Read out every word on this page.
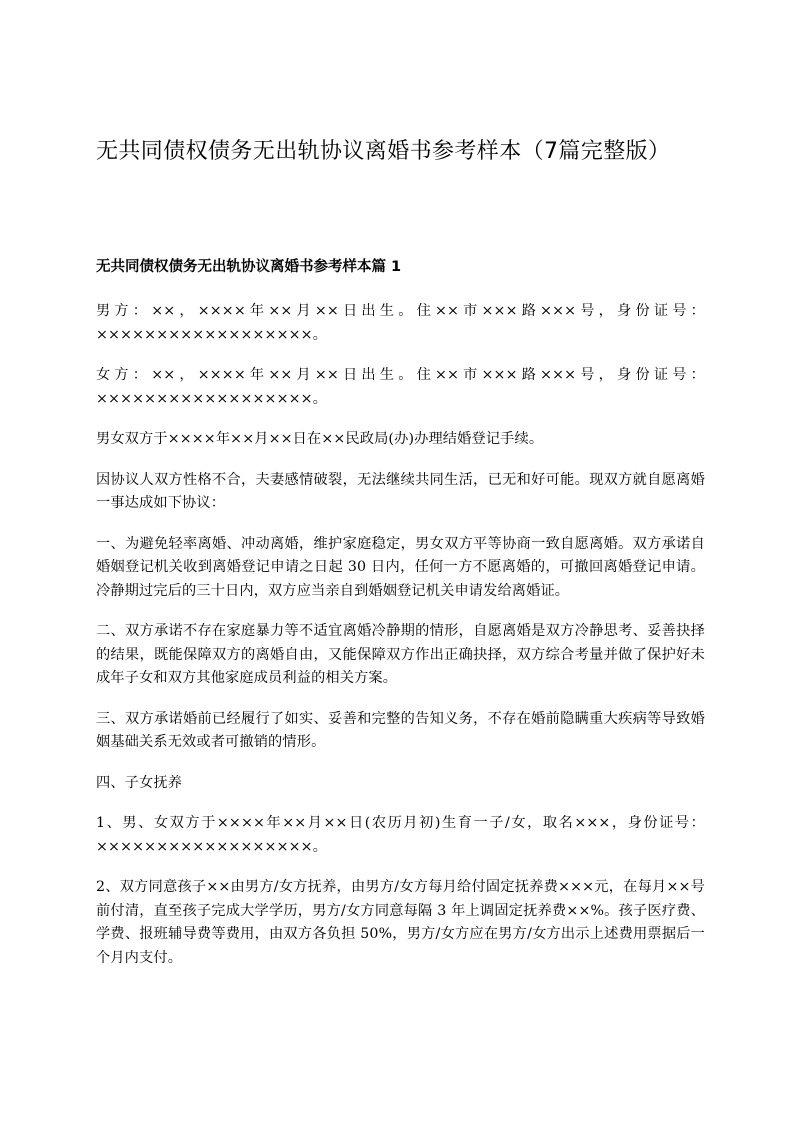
无共同债权债务无出轨协议离婚书参考样本（7篇完整版）
无共同债权债务无出轨协议离婚书参考样本篇 1

男方：××，××××年××月××日出生。住××市×××路×××号，身份证号：××××××××××××××××××。

女方：××，××××年××月××日出生。住××市×××路×××号，身份证号：××××××××××××××××××。

男女双方于××××年××月××日在××民政局(办)办理结婚登记手续。

因协议人双方性格不合，夫妻感情破裂，无法继续共同生活，已无和好可能。现双方就自愿离婚一事达成如下协议：

一、为避免轻率离婚、冲动离婚，维护家庭稳定，男女双方平等协商一致自愿离婚。双方承诺自婚姻登记机关收到离婚登记申请之日起 30 日内，任何一方不愿离婚的，可撤回离婚登记申请。冷静期过完后的三十日内，双方应当亲自到婚姻登记机关申请发给离婚证。

二、双方承诺不存在家庭暴力等不适宜离婚冷静期的情形，自愿离婚是双方冷静思考、妥善抉择的结果，既能保障双方的离婚自由，又能保障双方作出正确抉择，双方综合考量并做了保护好未成年子女和双方其他家庭成员利益的相关方案。

三、双方承诺婚前已经履行了如实、妥善和完整的告知义务，不存在婚前隐瞒重大疾病等导致婚姻基础关系无效或者可撤销的情形。

四、子女抚养

1、男、女双方于××××年××月××日(农历月初)生育一子/女，取名×××，身份证号：××××××××××××××××××。

2、双方同意孩子××由男方/女方抚养，由男方/女方每月给付固定抚养费×××元，在每月××号前付清，直至孩子完成大学学历，男方/女方同意每隔 3 年上调固定抚养费××%。孩子医疗费、学费、报班辅导费等费用，由双方各负担 50%，男方/女方应在男方/女方出示上述费用票据后一个月内支付。
